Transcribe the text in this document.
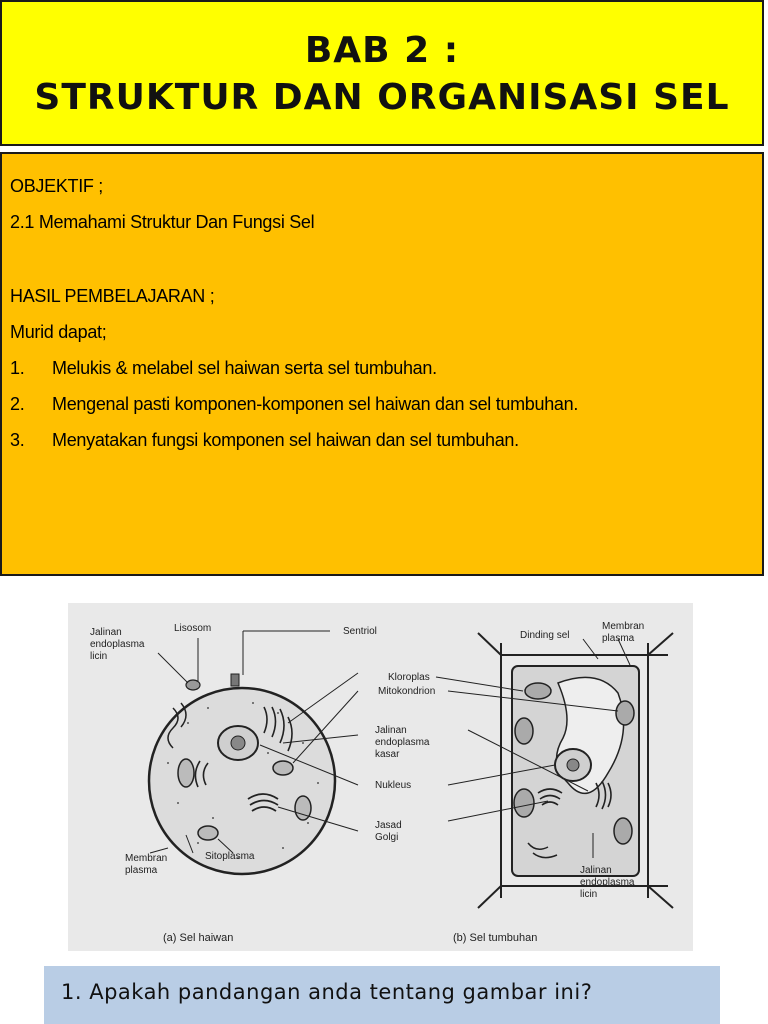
BAB 2 :
STRUKTUR DAN ORGANISASI SEL
OBJEKTIF ;
2.1 Memahami Struktur Dan Fungsi Sel
HASIL PEMBELAJARAN ;
Murid dapat;
1. Melukis & melabel sel haiwan serta sel tumbuhan.
2. Mengenal pasti komponen-komponen sel haiwan dan sel tumbuhan.
3. Menyatakan fungsi komponen sel haiwan dan sel tumbuhan.
Jalinan
endoplasma
licin
Lisosom	Sentriol
Kloroplas
Mitokondrion
Jalinan
endoplasma
kasar
Nukleus
Jasad
Golgi
Sitoplasma
Membran
plasma
Dinding sel
Membran
plasma
Jalinan
endoplasma
licin
(a) Sel haiwan	(b) Sel tumbuhan
1. Apakah pandangan anda tentang gambar ini?
